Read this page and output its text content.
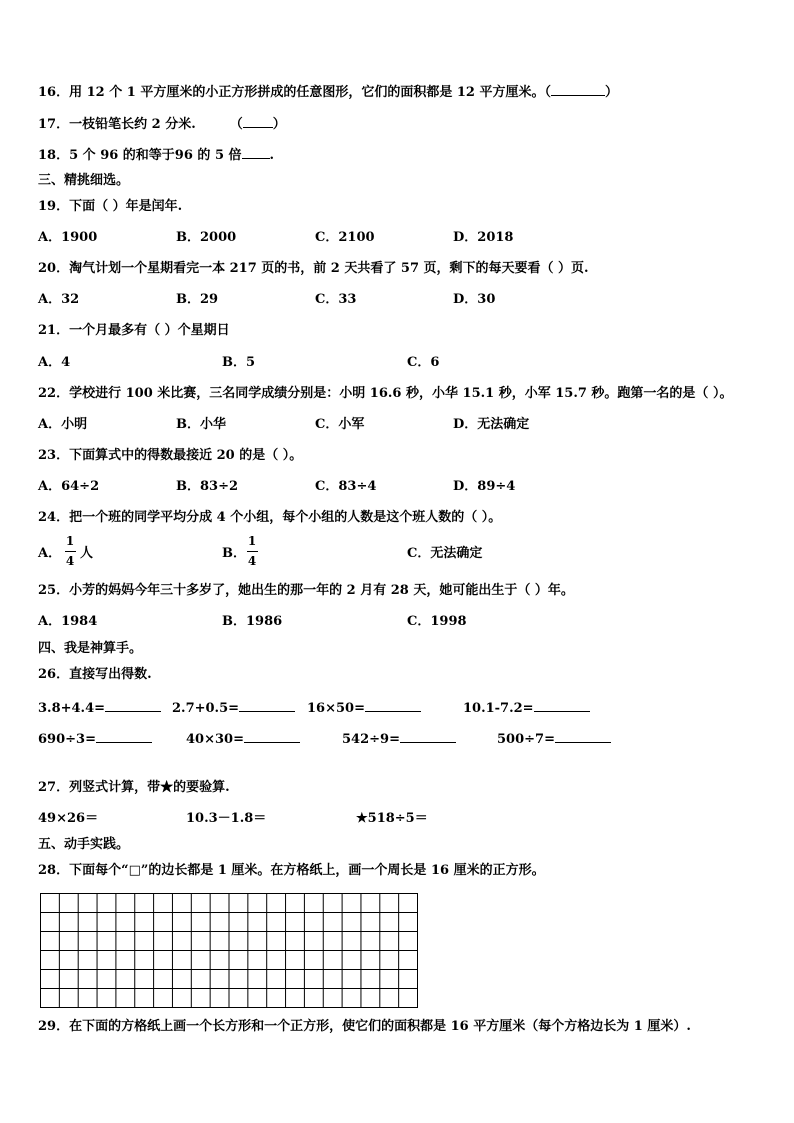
16．用 12 个 1 平方厘米的小正方形拼成的任意图形，它们的面积都是 12 平方厘米。（	）
17．一枝铅笔长约 2 分米.	（ ）
18．5 个 96 的和等于96 的 5 倍 .
三、精挑细选。
19．下面（ ）年是闰年.
A．1900	B．2000	C．2100	D．2018
20．淘气计划一个星期看完一本 217 页的书，前 2 天共看了 57 页，剩下的每天要看（ ）页.
A．32	B．29	C．33	D．30
21．一个月最多有（ ）个星期日
A．4	B．5	C．6
22．学校进行 100 米比赛，三名同学成绩分别是：小明 16.6 秒，小华 15.1 秒，小军 15.7 秒。跑第一名的是（ ）。
A．小明	B．小华	C．小军	D．无法确定
23．下面算式中的得数最接近 20 的是（ ）。
A．64÷2	B．83÷2	C．83÷4	D．89÷4
24．把一个班的同学平均分成 4 个小组，每个小组的人数是这个班人数的（ ）。
A．
1
4 人	B．
1
4	C．无法确定
25．小芳的妈妈今年三十多岁了，她出生的那一年的 2 月有 28 天，她可能出生于（ ）年。
A．1984	B．1986	C．1998
四、我是神算手。
26．直接写出得数.
3.8+4.4=	2.7+0.5=	16×50=	10.1-7.2=
690÷3=	40×30=	542÷9=	500÷7=
27．列竖式计算，带★的要验算.
49×26＝	10.3－1.8＝	★518÷5＝
五、动手实践。
28．下面每个“□”的边长都是 1 厘米。在方格纸上，画一个周长是 16 厘米的正方形。
29．在下面的方格纸上画一个长方形和一个正方形，使它们的面积都是 16 平方厘米（每个方格边长为 1 厘米）.
